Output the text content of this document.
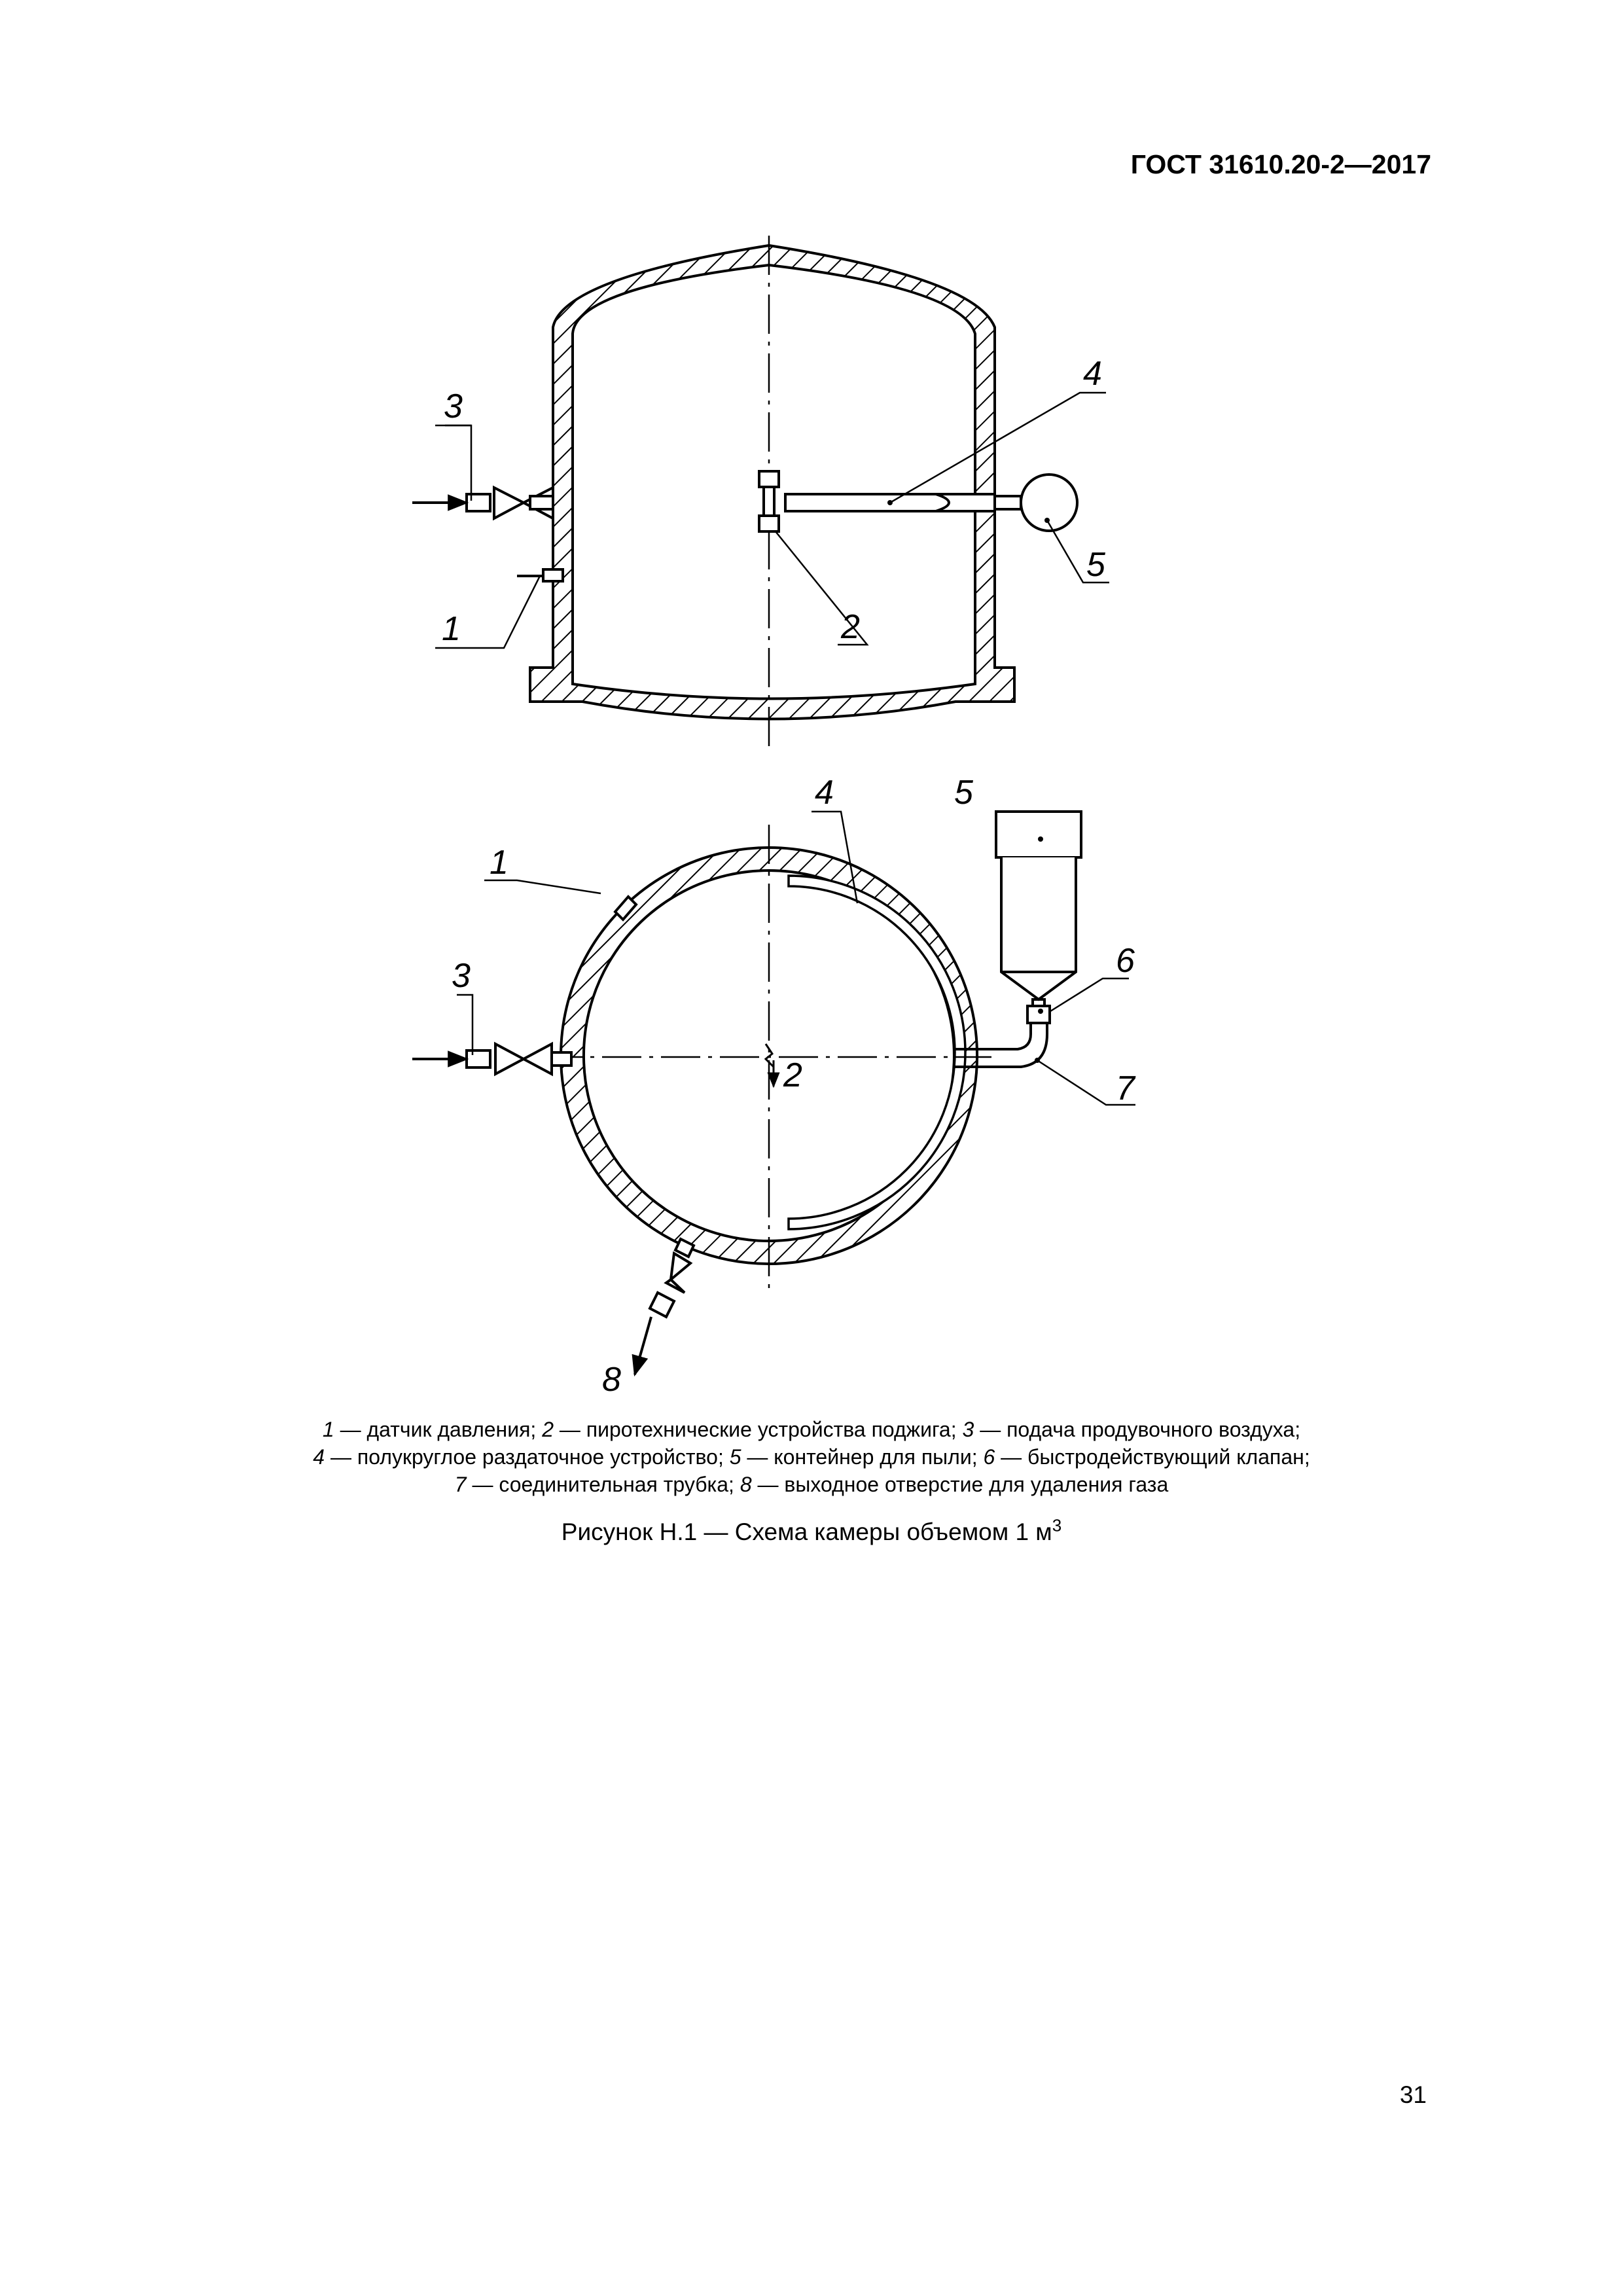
ГОСТ 31610.20-2—2017
3
1
4
5
2
1
3
4	5
6
7
2
8
1 — датчик давления; 2 — пиротехнические устройства поджига; 3 — подача продувочного воздуха;
4 — полукруглое раздаточное устройство; 5 — контейнер для пыли; 6 — быстродействующий клапан;
7 — соединительная трубка; 8 — выходное отверстие для удаления газа
Рисунок Н.1 — Схема камеры объемом 1 $м^3$
31
